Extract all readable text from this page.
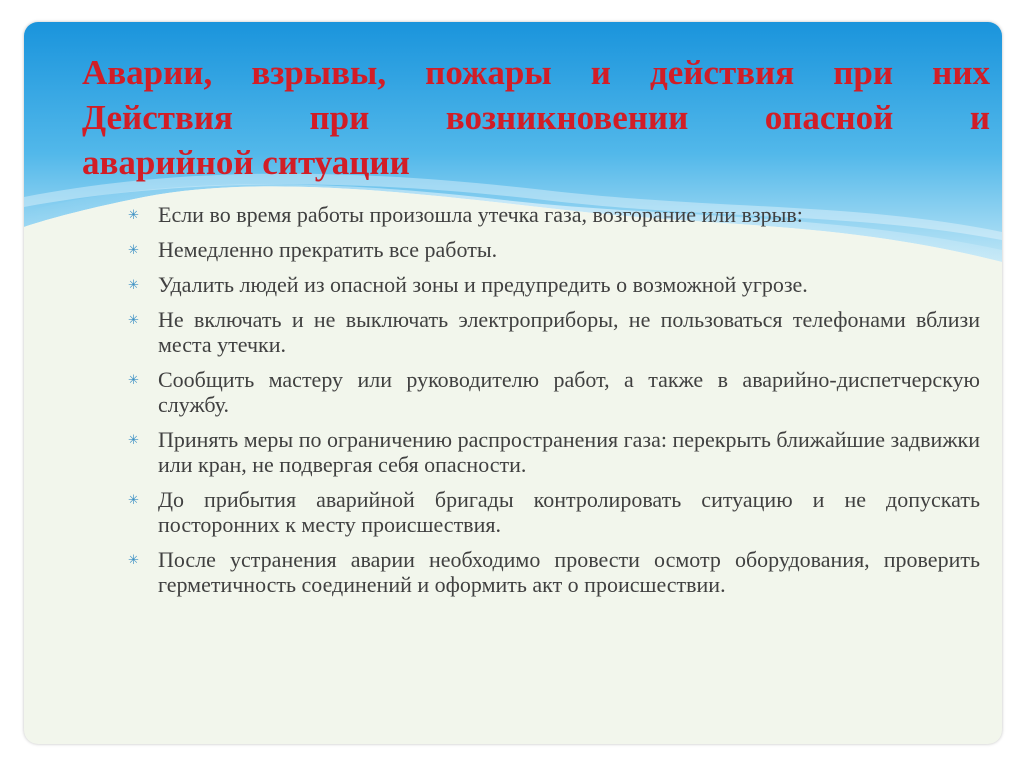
Аварии, взрывы, пожары и действия при них
Действия при возникновении опасной и
аварийной ситуации
✳ Если во время работы произошла утечка газа, возгорание или взрыв:
✳ Немедленно прекратить все работы.
✳ Удалить людей из опасной зоны и предупредить о возможной угрозе.
✳ Не включать и не выключать электроприборы, не пользоваться телефонами вблизи места утечки.
✳ Сообщить мастеру или руководителю работ, а также в аварийно-диспетчерскую службу.
✳ Принять меры по ограничению распространения газа: перекрыть ближайшие задвижки или кран, не подвергая себя опасности.
✳ До прибытия аварийной бригады контролировать ситуацию и не допускать посторонних к месту происшествия.
✳ После устранения аварии необходимо провести осмотр оборудования, проверить герметичность соединений и оформить акт о происшествии.
